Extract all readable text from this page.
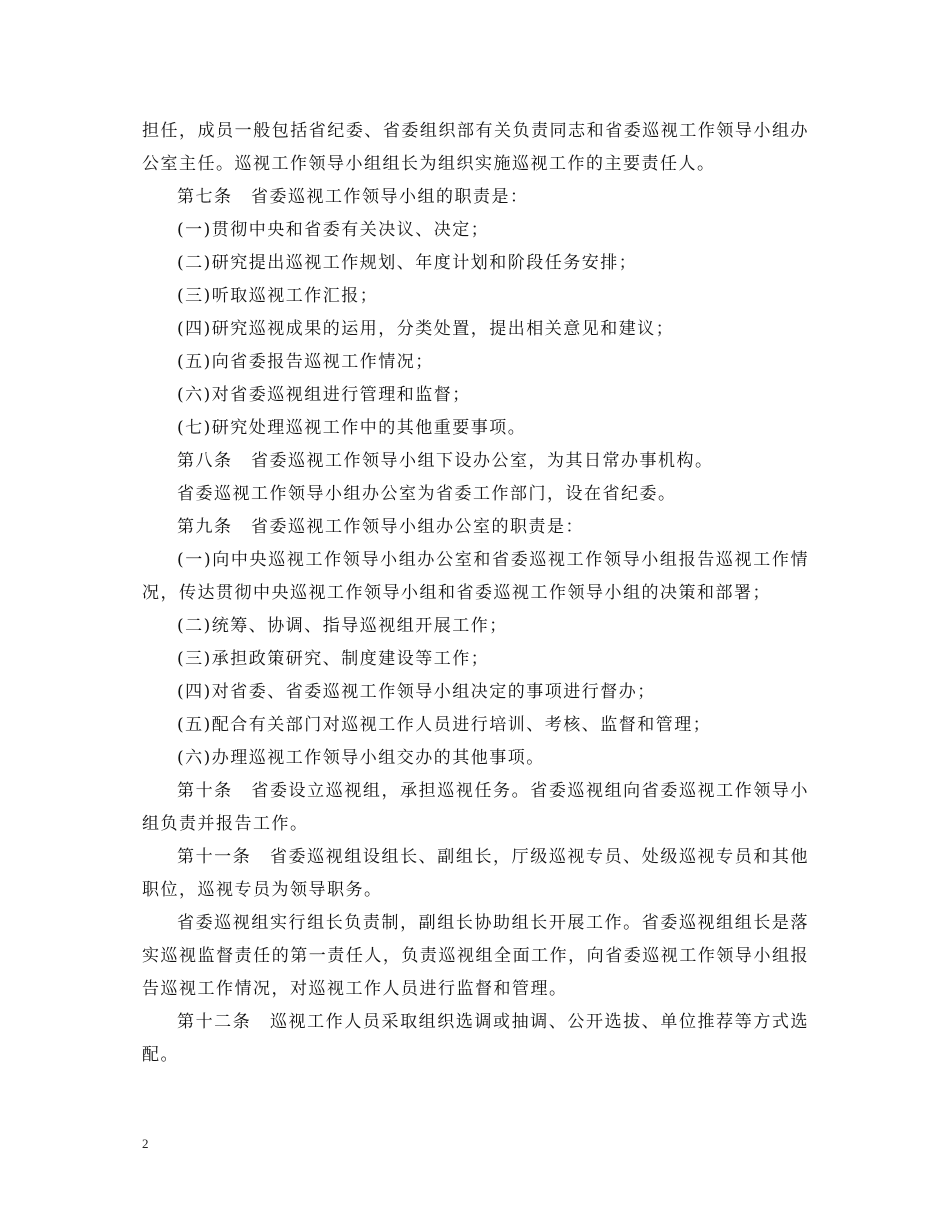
担任，成员一般包括省纪委、省委组织部有关负责同志和省委巡视工作领导小组办公室主任。巡视工作领导小组组长为组织实施巡视工作的主要责任人。

第七条　省委巡视工作领导小组的职责是：

(一)贯彻中央和省委有关决议、决定；

(二)研究提出巡视工作规划、年度计划和阶段任务安排；

(三)听取巡视工作汇报；

(四)研究巡视成果的运用，分类处置，提出相关意见和建议；

(五)向省委报告巡视工作情况；

(六)对省委巡视组进行管理和监督；

(七)研究处理巡视工作中的其他重要事项。

第八条　省委巡视工作领导小组下设办公室，为其日常办事机构。

省委巡视工作领导小组办公室为省委工作部门，设在省纪委。

第九条　省委巡视工作领导小组办公室的职责是：

(一)向中央巡视工作领导小组办公室和省委巡视工作领导小组报告巡视工作情况，传达贯彻中央巡视工作领导小组和省委巡视工作领导小组的决策和部署；

(二)统筹、协调、指导巡视组开展工作；

(三)承担政策研究、制度建设等工作；

(四)对省委、省委巡视工作领导小组决定的事项进行督办；

(五)配合有关部门对巡视工作人员进行培训、考核、监督和管理；

(六)办理巡视工作领导小组交办的其他事项。

第十条　省委设立巡视组，承担巡视任务。省委巡视组向省委巡视工作领导小组负责并报告工作。

第十一条　省委巡视组设组长、副组长，厅级巡视专员、处级巡视专员和其他职位，巡视专员为领导职务。

省委巡视组实行组长负责制，副组长协助组长开展工作。省委巡视组组长是落实巡视监督责任的第一责任人，负责巡视组全面工作，向省委巡视工作领导小组报告巡视工作情况，对巡视工作人员进行监督和管理。

第十二条　巡视工作人员采取组织选调或抽调、公开选拔、单位推荐等方式选配。

2
